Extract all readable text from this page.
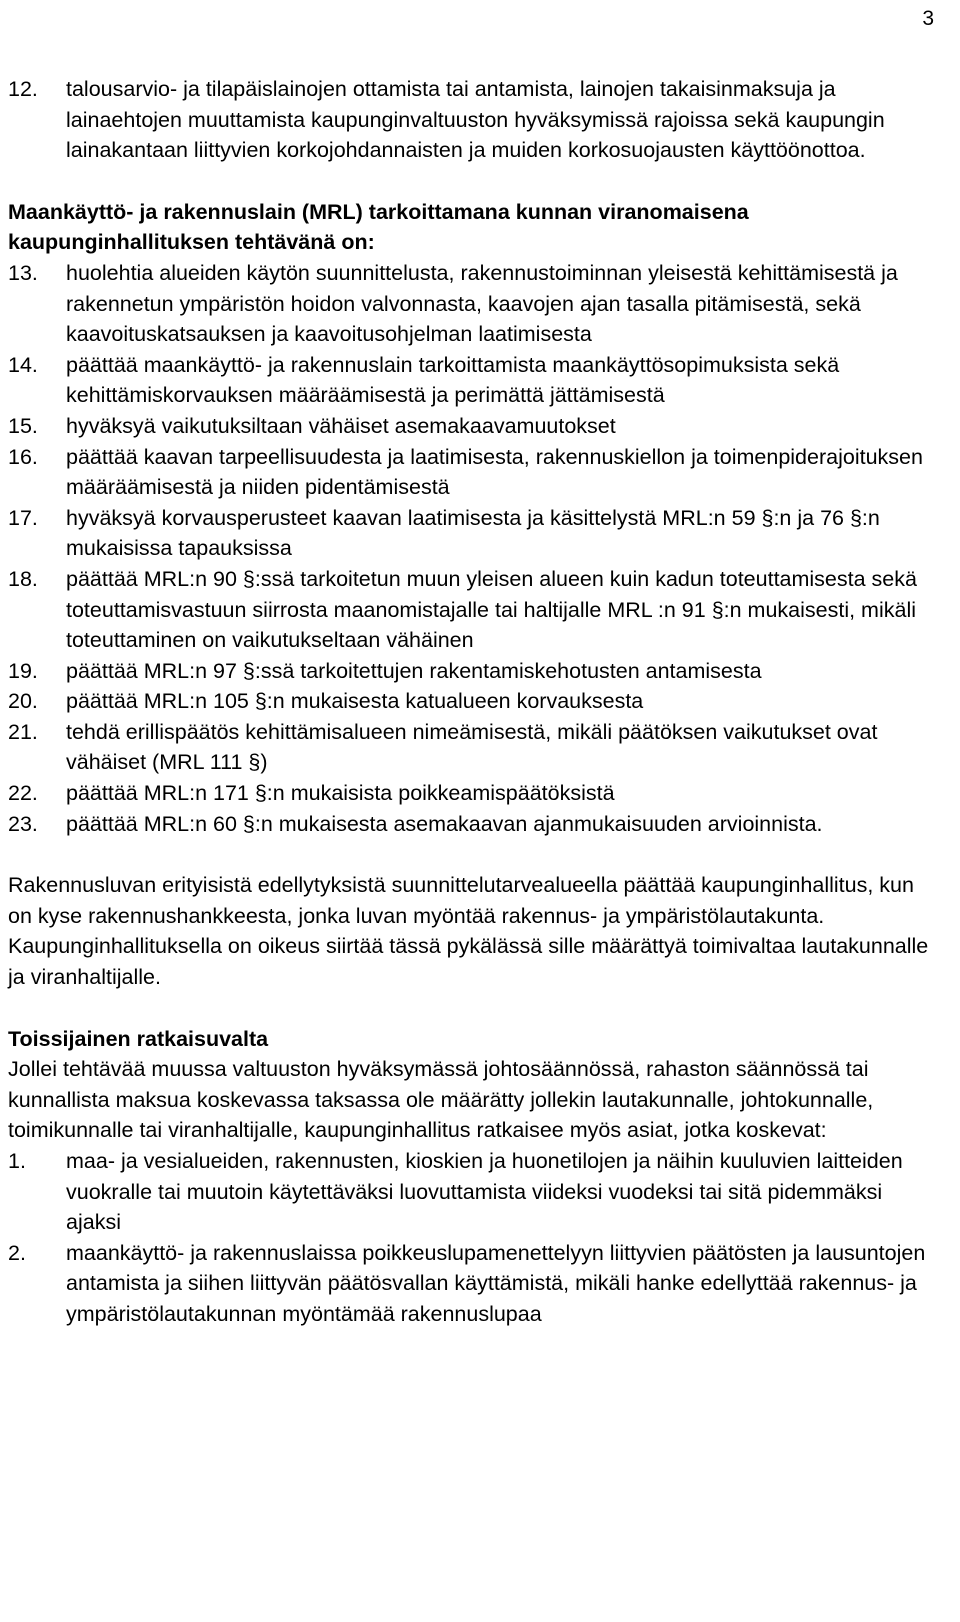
3
12.	talousarvio- ja tilapäislainojen ottamista tai antamista, lainojen takaisinmaksuja ja lainaehtojen muuttamista kaupunginvaltuuston hyväksymissä rajoissa sekä kaupungin lainakantaan liittyvien korkojohdannaisten ja muiden korkosuojausten käyttöönottoa.
Maankäyttö- ja rakennuslain (MRL) tarkoittamana kunnan viranomaisena kaupunginhallituksen tehtävänä on:
13.	huolehtia alueiden käytön suunnittelusta, rakennustoiminnan yleisestä kehittämisestä ja rakennetun ympäristön hoidon valvonnasta, kaavojen ajan tasalla pitämisestä, sekä kaavoituskatsauksen ja kaavoitusohjelman laatimisesta
14.	päättää maankäyttö- ja rakennuslain tarkoittamista maankäyttösopimuksista sekä kehittämiskorvauksen määräämisestä ja perimättä jättämisestä
15.	hyväksyä vaikutuksiltaan vähäiset asemakaavamuutokset
16.	päättää kaavan tarpeellisuudesta ja laatimisesta, rakennuskiellon ja toimenpiderajoituksen määräämisestä ja niiden pidentämisestä
17.	hyväksyä korvausperusteet kaavan laatimisesta ja käsittelystä MRL:n 59 §:n ja 76 §:n mukaisissa tapauksissa
18.	päättää MRL:n 90 §:ssä tarkoitetun muun yleisen alueen kuin kadun toteuttamisesta sekä toteuttamisvastuun siirrosta maanomistajalle tai haltijalle MRL :n 91 §:n mukaisesti, mikäli toteuttaminen on vaikutukseltaan vähäinen
19.	päättää MRL:n 97 §:ssä tarkoitettujen rakentamiskehotusten antamisesta
20.	päättää MRL:n 105 §:n mukaisesta katualueen korvauksesta
21.	tehdä erillispäätös kehittämisalueen nimeämisestä, mikäli päätöksen vaikutukset ovat vähäiset (MRL 111 §)
22.	päättää MRL:n 171 §:n mukaisista poikkeamispäätöksistä
23.	päättää MRL:n 60 §:n mukaisesta asemakaavan ajanmukaisuuden arvioinnista.
Rakennusluvan erityisistä edellytyksistä suunnittelutarvealueella päättää kaupunginhallitus, kun on kyse rakennushankkeesta, jonka luvan myöntää rakennus- ja ympäristölautakunta.
Kaupunginhallituksella on oikeus siirtää tässä pykälässä sille määrättyä toimivaltaa lautakunnalle ja viranhaltijalle.
Toissijainen ratkaisuvalta
Jollei tehtävää muussa valtuuston hyväksymässä johtosäännössä, rahaston säännössä tai kunnallista maksua koskevassa taksassa ole määrätty jollekin lautakunnalle, johtokunnalle, toimikunnalle tai viranhaltijalle, kaupunginhallitus ratkaisee myös asiat, jotka koskevat:
1.	maa- ja vesialueiden, rakennusten, kioskien ja huonetilojen ja näihin kuuluvien laitteiden vuokralle tai muutoin käytettäväksi luovuttamista viideksi vuodeksi tai sitä pidemmäksi ajaksi
2.	maankäyttö- ja rakennuslaissa poikkeuslupamenettelyyn liittyvien päätösten ja lausuntojen antamista ja siihen liittyvän päätösvallan käyttämistä, mikäli hanke edellyttää rakennus- ja ympäristölautakunnan myöntämää rakennuslupaa
